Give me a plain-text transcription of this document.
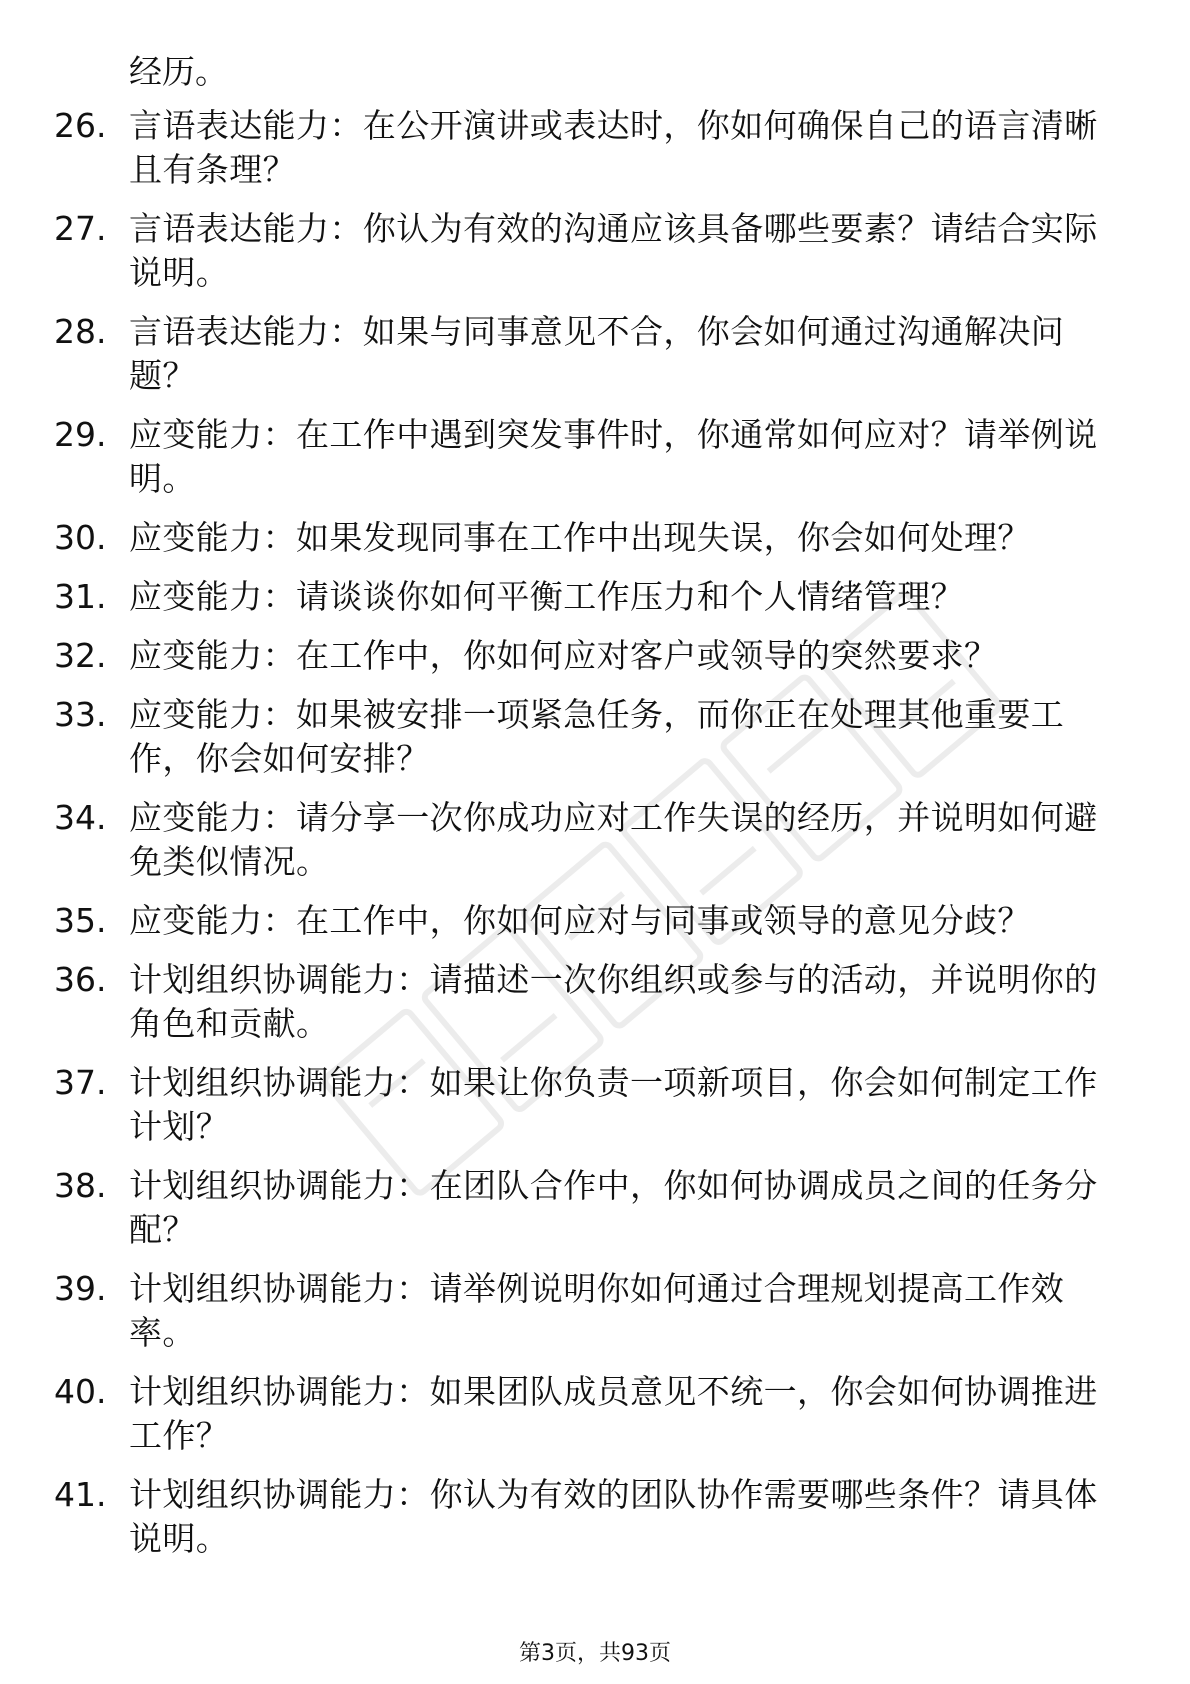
经历。

26. 言语表达能力：在公开演讲或表达时，你如何确保自己的语言清晰且有条理？
27. 言语表达能力：你认为有效的沟通应该具备哪些要素？请结合实际说明。
28. 言语表达能力：如果与同事意见不合，你会如何通过沟通解决问题？
29. 应变能力：在工作中遇到突发事件时，你通常如何应对？请举例说明。
30. 应变能力：如果发现同事在工作中出现失误，你会如何处理？
31. 应变能力：请谈谈你如何平衡工作压力和个人情绪管理？
32. 应变能力：在工作中，你如何应对客户或领导的突然要求？
33. 应变能力：如果被安排一项紧急任务，而你正在处理其他重要工作，你会如何安排？
34. 应变能力：请分享一次你成功应对工作失误的经历，并说明如何避免类似情况。
35. 应变能力：在工作中，你如何应对与同事或领导的意见分歧？
36. 计划组织协调能力：请描述一次你组织或参与的活动，并说明你的角色和贡献。
37. 计划组织协调能力：如果让你负责一项新项目，你会如何制定工作计划？
38. 计划组织协调能力：在团队合作中，你如何协调成员之间的任务分配？
39. 计划组织协调能力：请举例说明你如何通过合理规划提高工作效率。
40. 计划组织协调能力：如果团队成员意见不统一，你会如何协调推进工作？
41. 计划组织协调能力：你认为有效的团队协作需要哪些条件？请具体说明。
第3页，共93页
